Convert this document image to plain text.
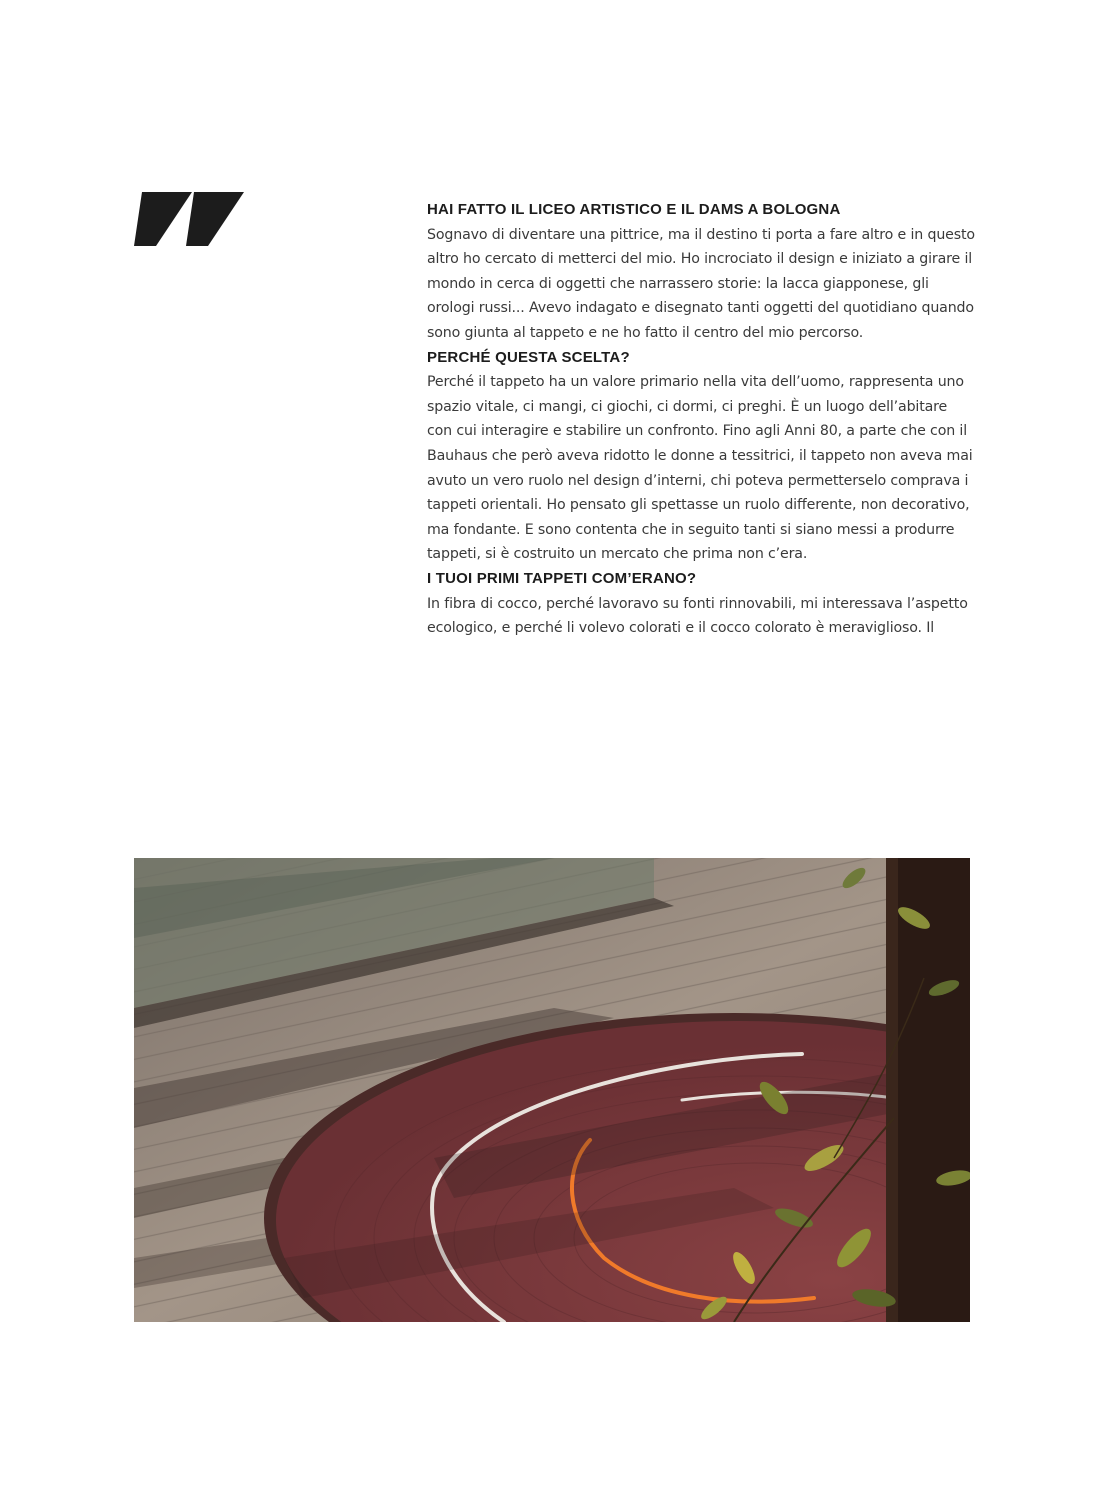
HAI FATTO IL LICEO ARTISTICO E IL DAMS A BOLOGNA

Sognavo di diventare una pittrice, ma il destino ti porta a fare altro e in questo altro ho cercato di metterci del mio. Ho incrociato il design e iniziato a girare il mondo in cerca di oggetti che narrassero storie: la lacca giapponese, gli orologi russi... Avevo indagato e disegnato tanti oggetti del quotidiano quando sono giunta al tappeto e ne ho fatto il centro del mio percorso.

PERCHÉ QUESTA SCELTA?

Perché il tappeto ha un valore primario nella vita dell’uomo, rappresenta uno spazio vitale, ci mangi, ci giochi, ci dormi, ci preghi. È un luogo dell’abitare con cui interagire e stabilire un confronto. Fino agli Anni 80, a parte che con il Bauhaus che però aveva ridotto le donne a tessitrici, il tappeto non aveva mai avuto un vero ruolo nel design d’interni, chi poteva permetterselo comprava i tappeti orientali. Ho pensato gli spettasse un ruolo differente, non decorativo, ma fondante. E sono contenta che in seguito tanti si siano messi a produrre tappeti, si è costruito un mercato che prima non c’era.

I TUOI PRIMI TAPPETI COM’ERANO?

In fibra di cocco, perché lavoravo su fonti rinnovabili, mi interessava l’aspetto ecologico, e perché li volevo colorati e il cocco colorato è meraviglioso. Il
